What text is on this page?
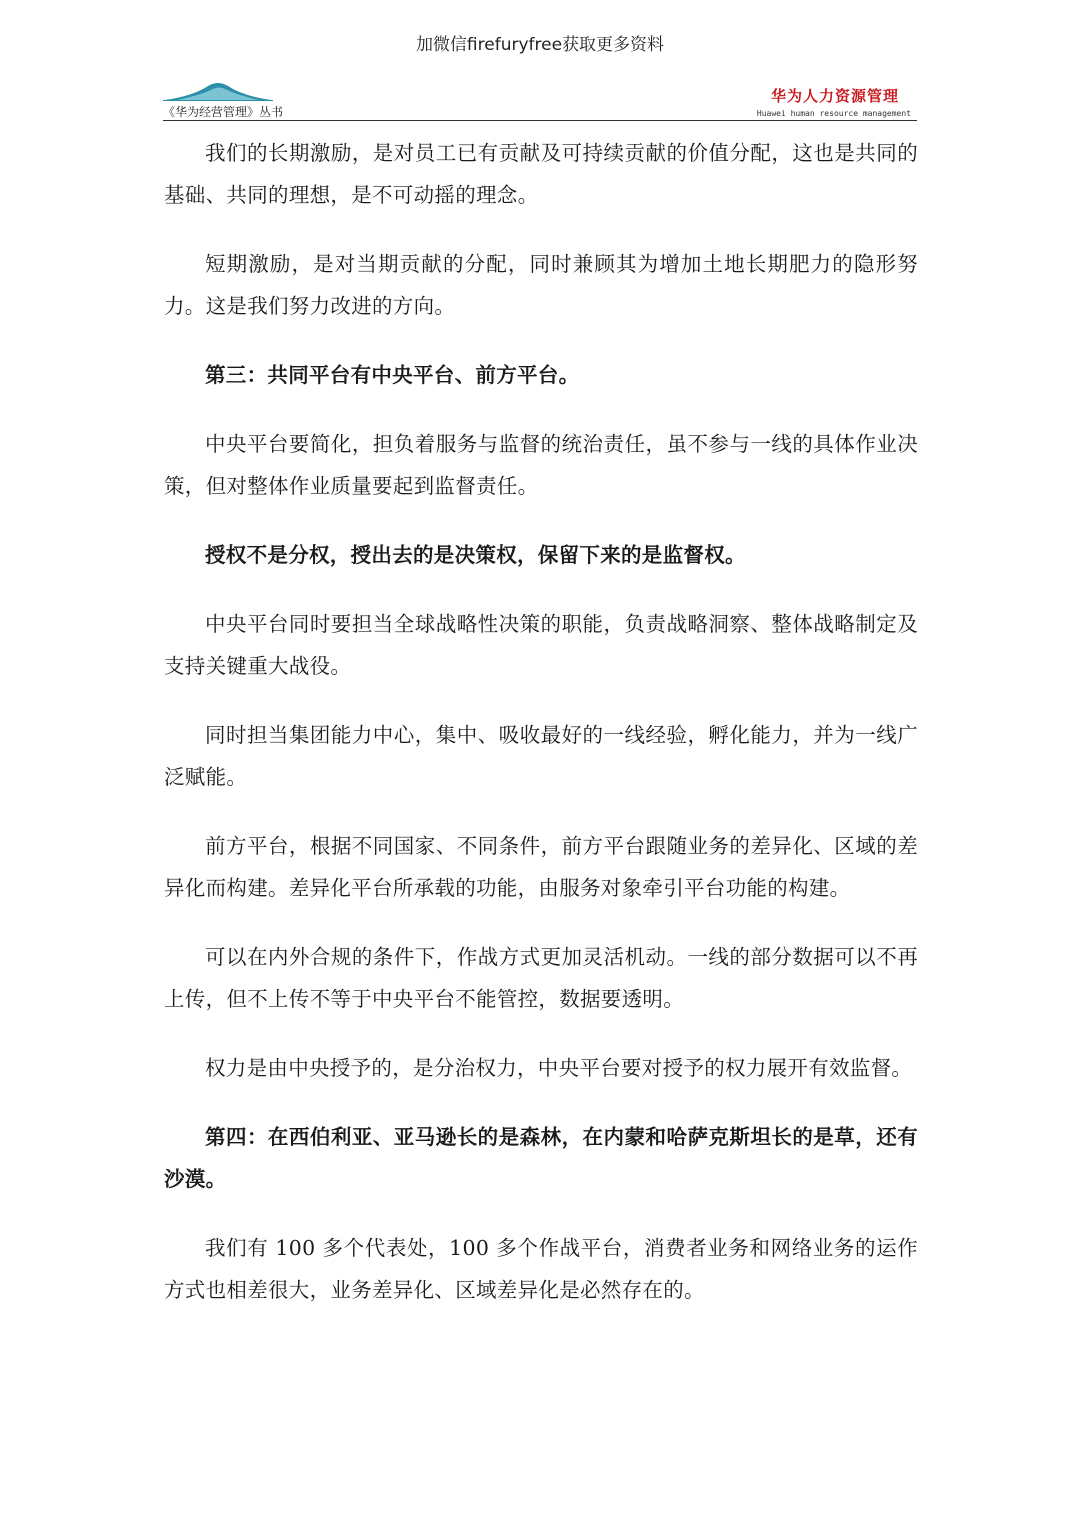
加微信firefuryfree获取更多资料
《华为经营管理》丛书
华为人力资源管理
Huawei human resource management

我们的长期激励，是对员工已有贡献及可持续贡献的价值分配，这也是共同的基础、共同的理想，是不可动摇的理念。

短期激励，是对当期贡献的分配，同时兼顾其为增加土地长期肥力的隐形努力。这是我们努力改进的方向。

第三：共同平台有中央平台、前方平台。

中央平台要简化，担负着服务与监督的统治责任，虽不参与一线的具体作业决策，但对整体作业质量要起到监督责任。

授权不是分权，授出去的是决策权，保留下来的是监督权。

中央平台同时要担当全球战略性决策的职能，负责战略洞察、整体战略制定及支持关键重大战役。

同时担当集团能力中心，集中、吸收最好的一线经验，孵化能力，并为一线广泛赋能。

前方平台，根据不同国家、不同条件，前方平台跟随业务的差异化、区域的差异化而构建。差异化平台所承载的功能，由服务对象牵引平台功能的构建。

可以在内外合规的条件下，作战方式更加灵活机动。一线的部分数据可以不再上传，但不上传不等于中央平台不能管控，数据要透明。

权力是由中央授予的，是分治权力，中央平台要对授予的权力展开有效监督。

第四：在西伯利亚、亚马逊长的是森林，在内蒙和哈萨克斯坦长的是草，还有沙漠。

我们有 100 多个代表处，100 多个作战平台，消费者业务和网络业务的运作方式也相差很大，业务差异化、区域差异化是必然存在的。
